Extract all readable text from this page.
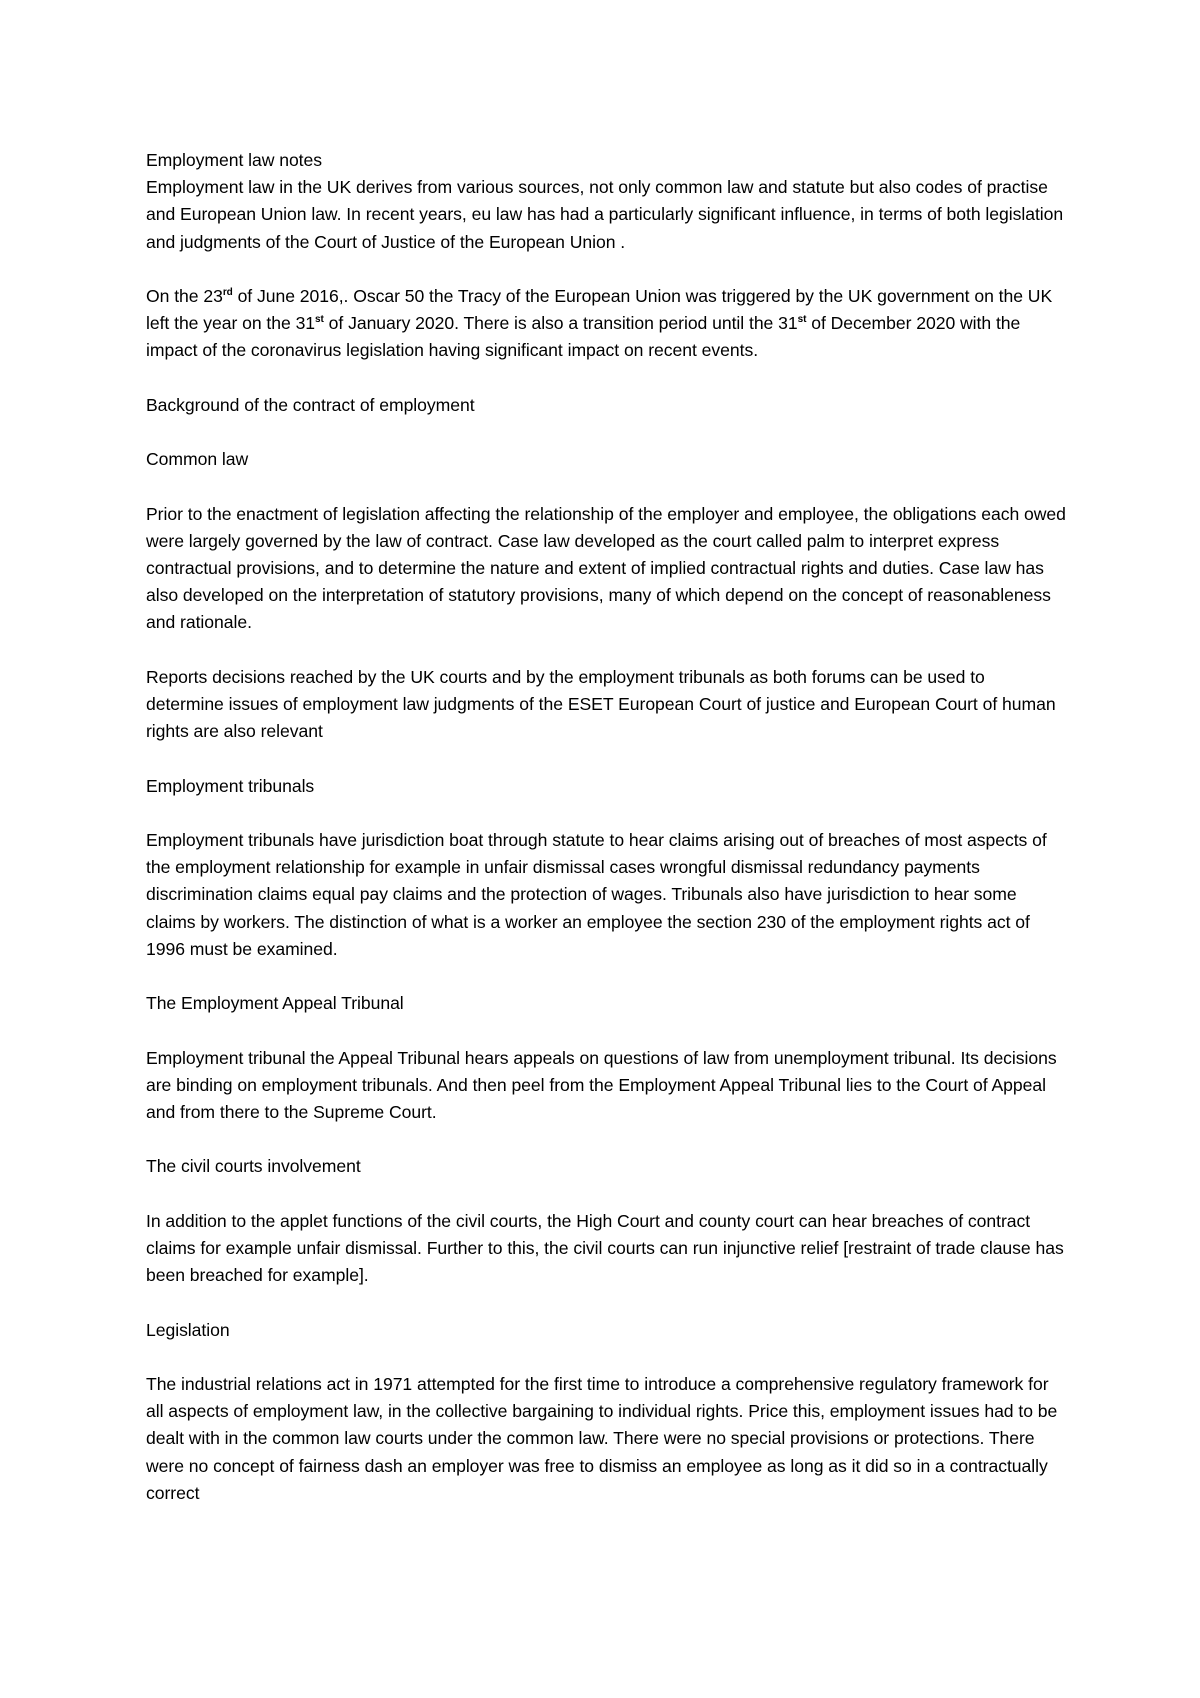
Employment law notes

Employment law in the UK derives from various sources, not only common law and statute but also codes of practise and European Union law. In recent years, eu law has had a particularly significant influence, in terms of both legislation and judgments of the Court of Justice of the European Union .

On the 23rd of June 2016,. Oscar 50 the Tracy of the European Union was triggered by the UK government on the UK left the year on the 31st of January 2020. There is also a transition period until the 31st of December 2020 with the impact of the coronavirus legislation having significant impact on recent events.

Background of the contract of employment

Common law

Prior to the enactment of legislation affecting the relationship of the employer and employee, the obligations each owed were largely governed by the law of contract. Case law developed as the court called palm to interpret express contractual provisions, and to determine the nature and extent of implied contractual rights and duties. Case law has also developed on the interpretation of statutory provisions, many of which depend on the concept of reasonableness and rationale.

Reports decisions reached by the UK courts and by the employment tribunals as both forums can be used to determine issues of employment law judgments of the ESET European Court of justice and European Court of human rights are also relevant

Employment tribunals

Employment tribunals have jurisdiction boat through statute to hear claims arising out of breaches of most aspects of the employment relationship for example in unfair dismissal cases wrongful dismissal redundancy payments discrimination claims equal pay claims and the protection of wages. Tribunals also have jurisdiction to hear some claims by workers. The distinction of what is a worker an employee the section 230 of the employment rights act of 1996 must be examined.

The Employment Appeal Tribunal

Employment tribunal the Appeal Tribunal hears appeals on questions of law from unemployment tribunal. Its decisions are binding on employment tribunals. And then peel from the Employment Appeal Tribunal lies to the Court of Appeal and from there to the Supreme Court.

The civil courts involvement

In addition to the applet functions of the civil courts, the High Court and county court can hear breaches of contract claims for example unfair dismissal. Further to this, the civil courts can run injunctive relief [restraint of trade clause has been breached for example].

Legislation

The industrial relations act in 1971 attempted for the first time to introduce a comprehensive regulatory framework for all aspects of employment law, in the collective bargaining to individual rights. Price this, employment issues had to be dealt with in the common law courts under the common law. There were no special provisions or protections. There were no concept of fairness dash an employer was free to dismiss an employee as long as it did so in a contractually correct
